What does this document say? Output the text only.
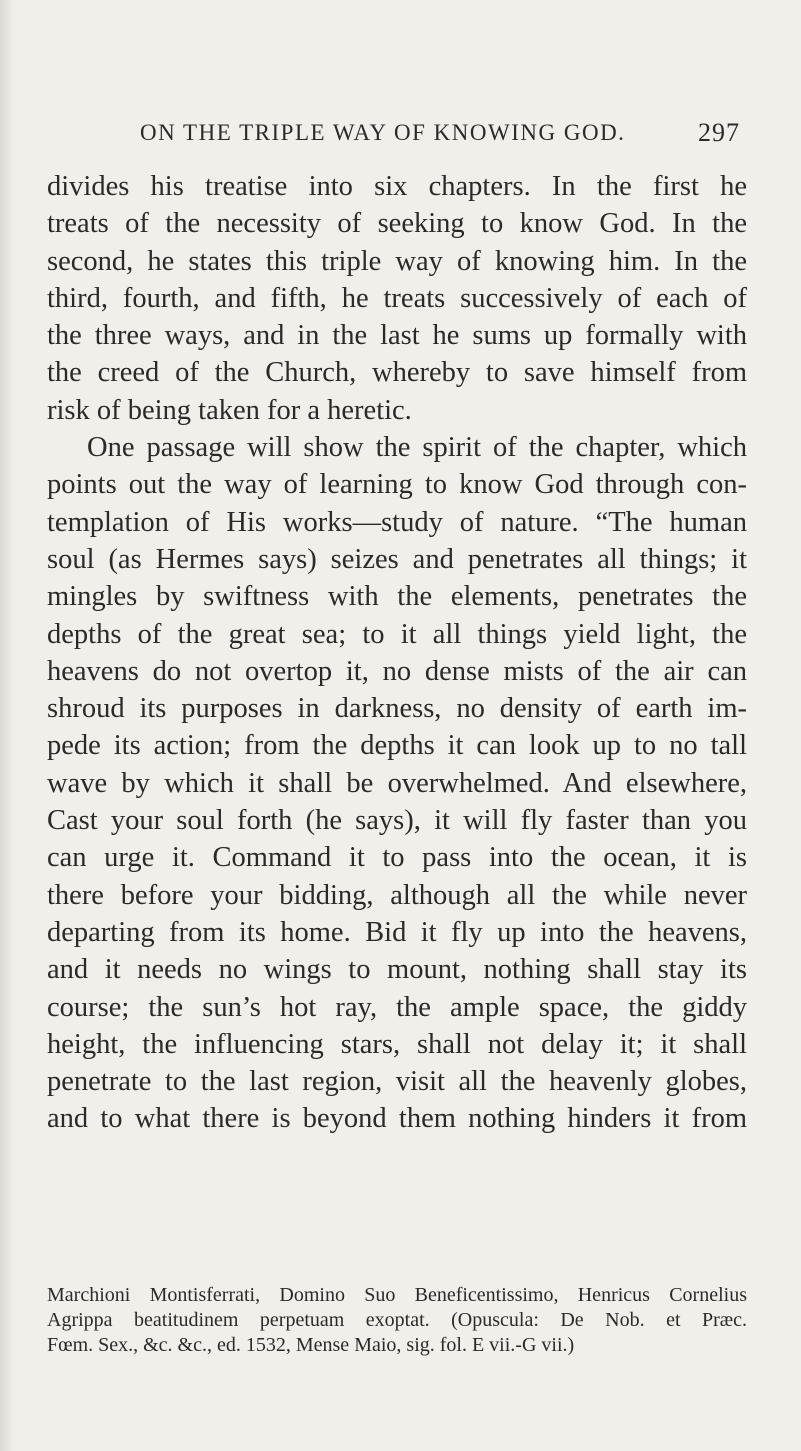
ON THE TRIPLE WAY OF KNOWING GOD.	297
divides his treatise into six chapters. In the first he
treats of the necessity of seeking to know God. In the
second, he states this triple way of knowing him. In the
third, fourth, and fifth, he treats successively of each of
the three ways, and in the last he sums up formally with
the creed of the Church, whereby to save himself from
risk of being taken for a heretic.
One passage will show the spirit of the chapter, which
points out the way of learning to know God through con-
templation of His works—study of nature. “The human
soul (as Hermes says) seizes and penetrates all things; it
mingles by swiftness with the elements, penetrates the
depths of the great sea; to it all things yield light, the
heavens do not overtop it, no dense mists of the air can
shroud its purposes in darkness, no density of earth im-
pede its action; from the depths it can look up to no tall
wave by which it shall be overwhelmed. And elsewhere,
Cast your soul forth (he says), it will fly faster than you
can urge it. Command it to pass into the ocean, it is
there before your bidding, although all the while never
departing from its home. Bid it fly up into the heavens,
and it needs no wings to mount, nothing shall stay its
course; the sun’s hot ray, the ample space, the giddy
height, the influencing stars, shall not delay it; it shall
penetrate to the last region, visit all the heavenly globes,
and to what there is beyond them nothing hinders it from
Marchioni Montisferrati, Domino Suo Beneficentissimo, Henricus Cornelius
Agrippa beatitudinem perpetuam exoptat. (Opuscula: De Nob. et Præc.
Fœm. Sex., &c. &c., ed. 1532, Mense Maio, sig. fol. E vii.-G vii.)
